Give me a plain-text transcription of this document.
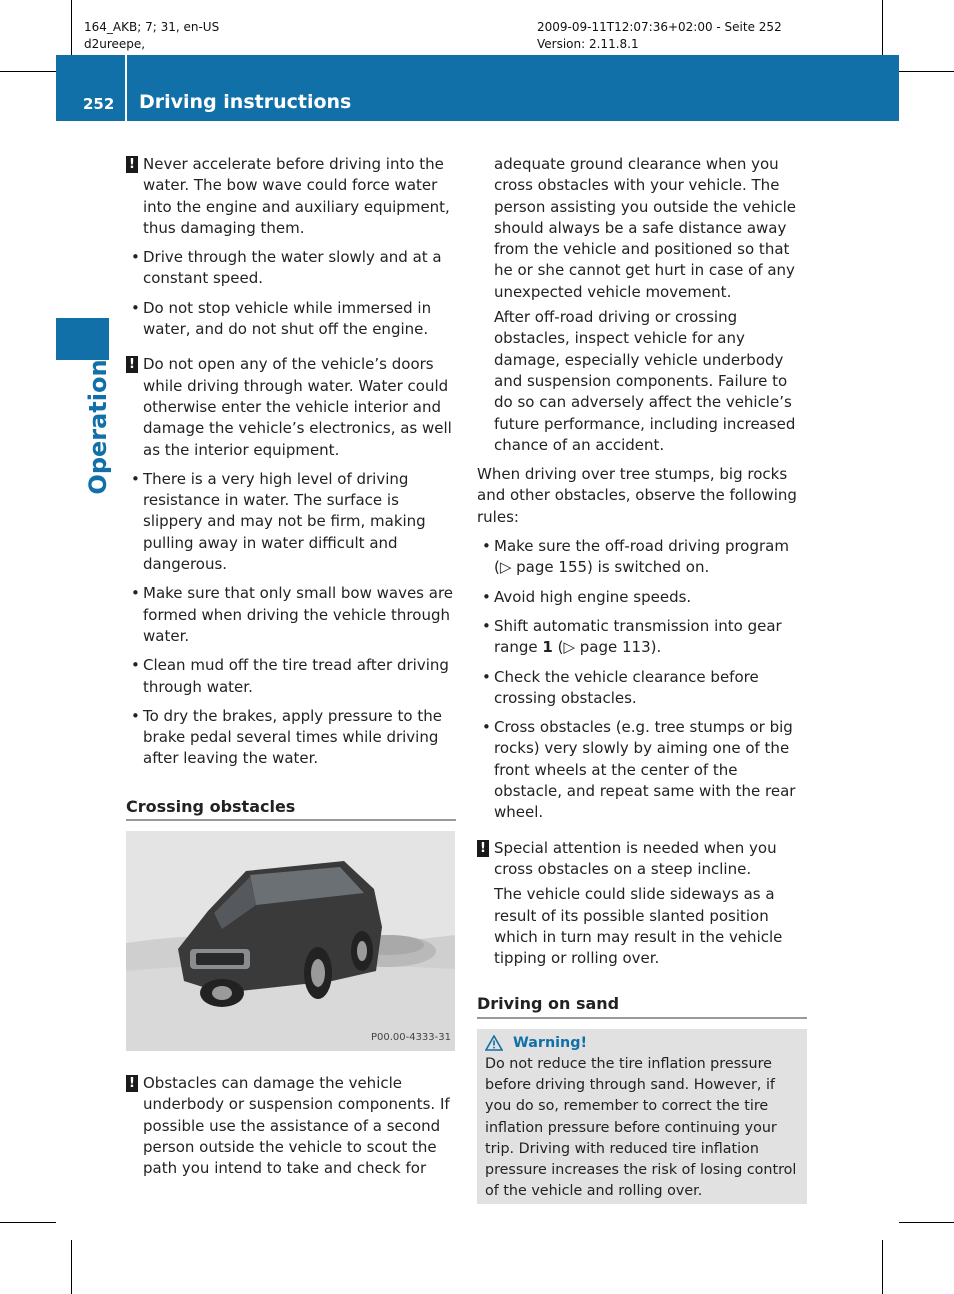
164_AKB; 7; 31, en-US
d2ureepe,
2009-09-11T12:07:36+02:00 - Seite 252
Version: 2.11.8.1
252 Driving instructions
Operation

! Never accelerate before driving into the water. The bow wave could force water into the engine and auxiliary equipment, thus damaging them.

• Drive through the water slowly and at a constant speed.

• Do not stop vehicle while immersed in water, and do not shut off the engine.

! Do not open any of the vehicle’s doors while driving through water. Water could otherwise enter the vehicle interior and damage the vehicle’s electronics, as well as the interior equipment.

• There is a very high level of driving resistance in water. The surface is slippery and may not be firm, making pulling away in water difficult and dangerous.

• Make sure that only small bow waves are formed when driving the vehicle through water.

• Clean mud off the tire tread after driving through water.

• To dry the brakes, apply pressure to the brake pedal several times while driving after leaving the water.

Crossing obstacles

P00.00-4333-31

! Obstacles can damage the vehicle underbody or suspension components. If possible use the assistance of a second person outside the vehicle to scout the path you intend to take and check for

adequate ground clearance when you cross obstacles with your vehicle. The person assisting you outside the vehicle should always be a safe distance away from the vehicle and positioned so that he or she cannot get hurt in case of any unexpected vehicle movement.

After off-road driving or crossing obstacles, inspect vehicle for any damage, especially vehicle underbody and suspension components. Failure to do so can adversely affect the vehicle’s future performance, including increased chance of an accident.

When driving over tree stumps, big rocks and other obstacles, observe the following rules:

• Make sure the off-road driving program (▷ page 155) is switched on.

• Avoid high engine speeds.

• Shift automatic transmission into gear range 1 (▷ page 113).

• Check the vehicle clearance before crossing obstacles.

• Cross obstacles (e.g. tree stumps or big rocks) very slowly by aiming one of the front wheels at the center of the obstacle, and repeat same with the rear wheel.

! Special attention is needed when you cross obstacles on a steep incline.

The vehicle could slide sideways as a result of its possible slanted position which in turn may result in the vehicle tipping or rolling over.

Driving on sand

Warning!
Do not reduce the tire inflation pressure before driving through sand. However, if you do so, remember to correct the tire inflation pressure before continuing your trip. Driving with reduced tire inflation pressure increases the risk of losing control of the vehicle and rolling over.
